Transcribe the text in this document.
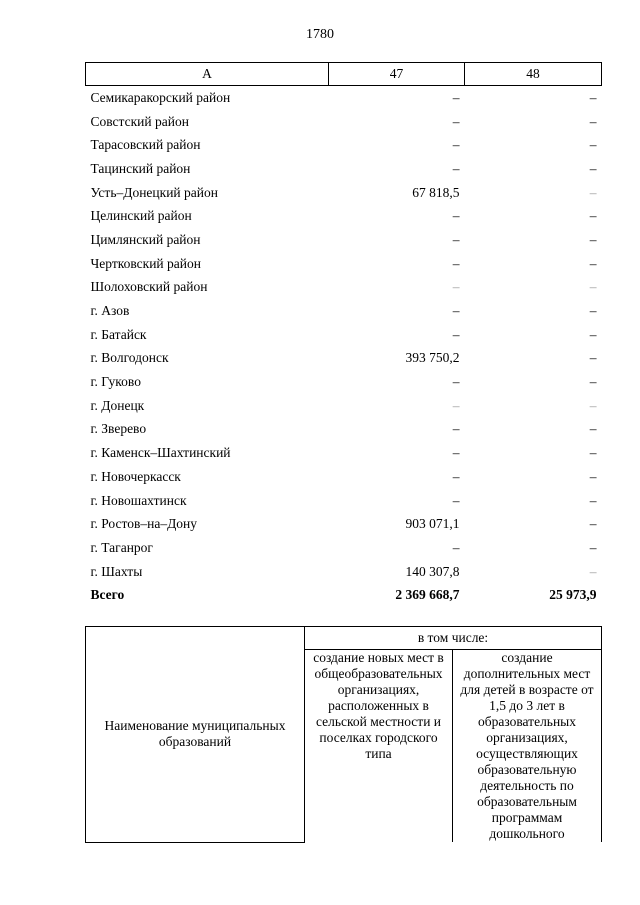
1780
А	47	48
Семикаракорский район	–	–
Совстский район	–	–
Тарасовский район	–	–
Тацинский район	–	–
Усть–Донецкий район	67 818,5	–
Целинский район	–	–
Цимлянский район	–	–
Чертковский район	–	–
Шолоховский район	–	–
г. Азов	–	–
г. Батайск	–	–
г. Волгодонск	393 750,2	–
г. Гуково	–	–
г. Донецк	–	–
г. Зверево	–	–
г. Каменск–Шахтинский	–	–
г. Новочеркасск	–	–
г. Новошахтинск	–	–
г. Ростов–на–Дону	903 071,1	–
г. Таганрог	–	–
г. Шахты	140 307,8	–
Всего	2 369 668,7	25 973,9
Наименование муниципальных образований	в том числе:	
	создание новых мест в общеобразовательных организациях, расположенных в сельской местности и поселках городского типа	создание дополнительных мест для детей в возрасте от 1,5 до 3 лет в образовательных организациях, осуществляющих образовательную деятельность по образовательным программам дошкольного
